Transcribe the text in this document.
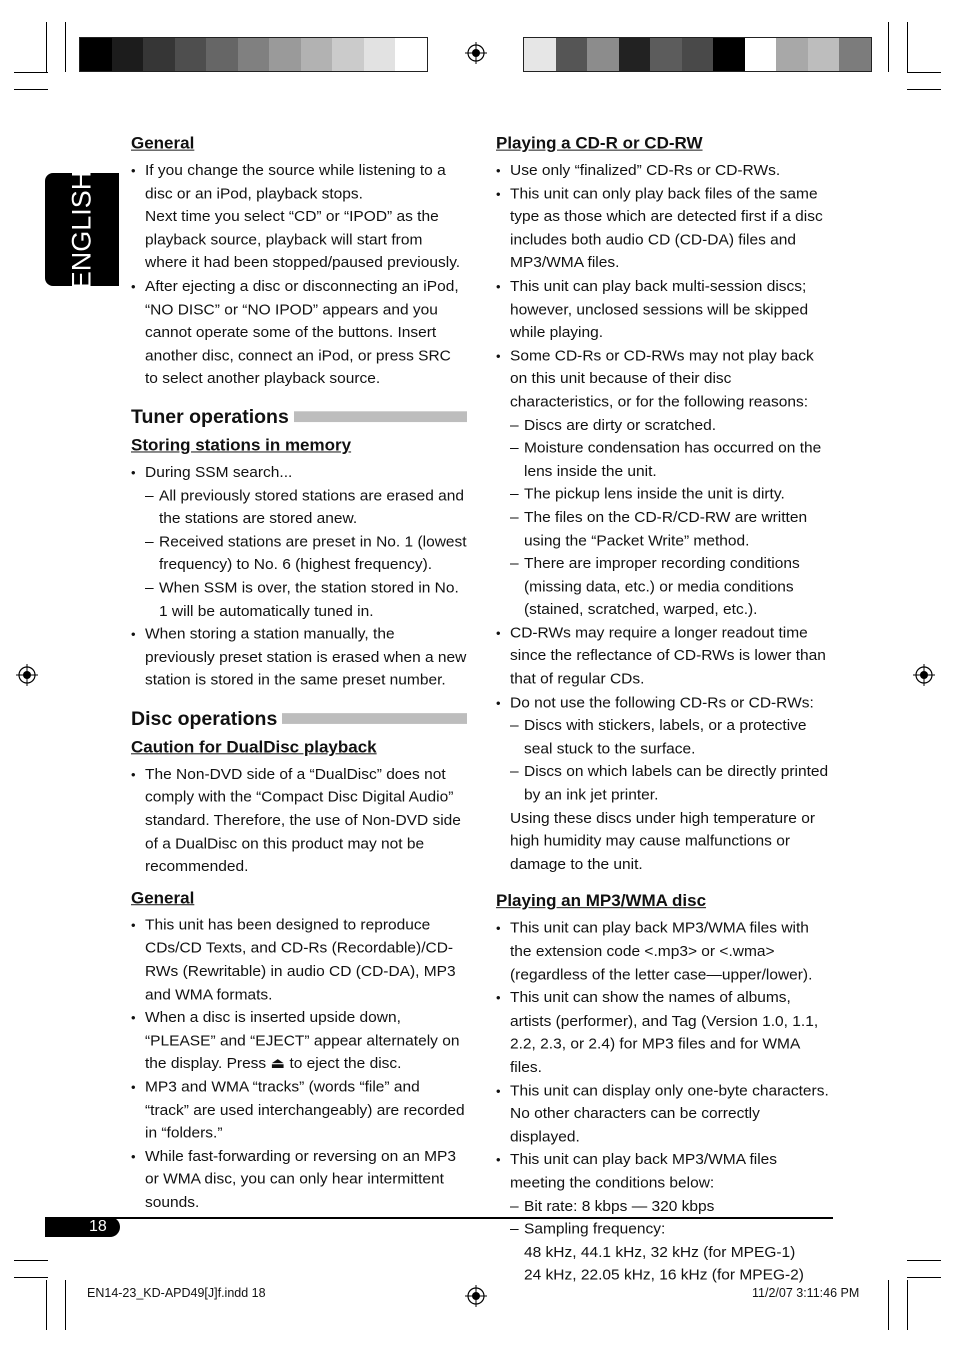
ENGLISH
General
• If you change the source while listening to a disc or an iPod, playback stops.
Next time you select “CD” or “IPOD” as the playback source, playback will start from where it had been stopped/paused previously.
• After ejecting a disc or disconnecting an iPod, “NO DISC” or “NO IPOD” appears and you cannot operate some of the buttons. Insert another disc, connect an iPod, or press SRC to select another playback source.
Tuner operations
Storing stations in memory
• During SSM search...
– All previously stored stations are erased and the stations are stored anew.
– Received stations are preset in No. 1 (lowest frequency) to No. 6 (highest frequency).
– When SSM is over, the station stored in No. 1 will be automatically tuned in.
• When storing a station manually, the previously preset station is erased when a new station is stored in the same preset number.
Disc operations
Caution for DualDisc playback
• The Non-DVD side of a “DualDisc” does not comply with the “Compact Disc Digital Audio” standard. Therefore, the use of Non-DVD side of a DualDisc on this product may not be recommended.
General
• This unit has been designed to reproduce CDs/CD Texts, and CD-Rs (Recordable)/CD-RWs (Rewritable) in audio CD (CD-DA), MP3 and WMA formats.
• When a disc is inserted upside down, “PLEASE” and “EJECT” appear alternately on the display. Press ⏏ to eject the disc.
• MP3 and WMA “tracks” (words “file” and “track” are used interchangeably) are recorded in “folders.”
• While fast-forwarding or reversing on an MP3 or WMA disc, you can only hear intermittent sounds.
Playing a CD-R or CD-RW
• Use only “finalized” CD-Rs or CD-RWs.
• This unit can only play back files of the same type as those which are detected first if a disc includes both audio CD (CD-DA) files and MP3/WMA files.
• This unit can play back multi-session discs; however, unclosed sessions will be skipped while playing.
• Some CD-Rs or CD-RWs may not play back on this unit because of their disc characteristics, or for the following reasons:
– Discs are dirty or scratched.
– Moisture condensation has occurred on the lens inside the unit.
– The pickup lens inside the unit is dirty.
– The files on the CD-R/CD-RW are written using the “Packet Write” method.
– There are improper recording conditions (missing data, etc.) or media conditions (stained, scratched, warped, etc.).
• CD-RWs may require a longer readout time since the reflectance of CD-RWs is lower than that of regular CDs.
• Do not use the following CD-Rs or CD-RWs:
– Discs with stickers, labels, or a protective seal stuck to the surface.
– Discs on which labels can be directly printed by an ink jet printer.
Using these discs under high temperature or high humidity may cause malfunctions or damage to the unit.
Playing an MP3/WMA disc
• This unit can play back MP3/WMA files with the extension code <.mp3> or <.wma> (regardless of the letter case—upper/lower).
• This unit can show the names of albums, artists (performer), and Tag (Version 1.0, 1.1, 2.2, 2.3, or 2.4) for MP3 files and for WMA files.
• This unit can display only one-byte characters. No other characters can be correctly displayed.
• This unit can play back MP3/WMA files meeting the conditions below:
– Bit rate: 8 kbps — 320 kbps
– Sampling frequency:
48 kHz, 44.1 kHz, 32 kHz (for MPEG-1)
24 kHz, 22.05 kHz, 16 kHz (for MPEG-2)
18
EN14-23_KD-APD49[J]f.indd 18	11/2/07 3:11:46 PM
